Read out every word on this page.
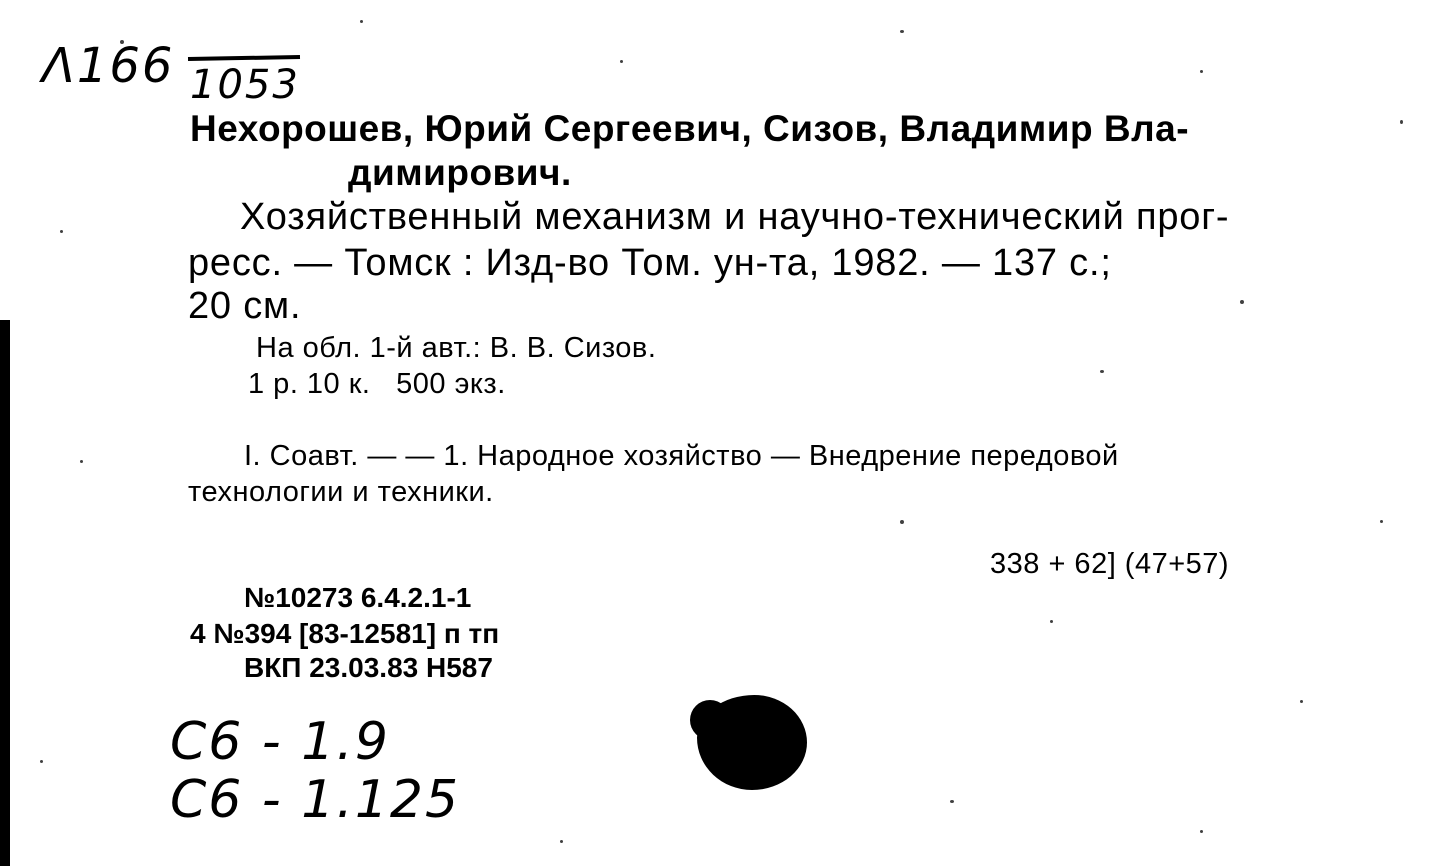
Λ166 1053
Нехорошев, Юрий Сергеевич, Сизов, Владимир Вла-
димирович.
Хозяйственный механизм и научно-технический прог-
ресс. — Томск : Изд-во Том. ун-та, 1982. — 137 с.;
20 см.
На обл. 1-й авт.: В. В. Сизов.
1 р. 10 к.   500 экз.
I. Соавт. — — 1. Народное хозяйство — Внедрение передовой
технологии и техники.
338 + 62] (47+57)
№10273 6.4.2.1-1
4 №394 [83-12581] п тп
ВКП 23.03.83 Н587
C6 - 1.9
C6 - 1.125
